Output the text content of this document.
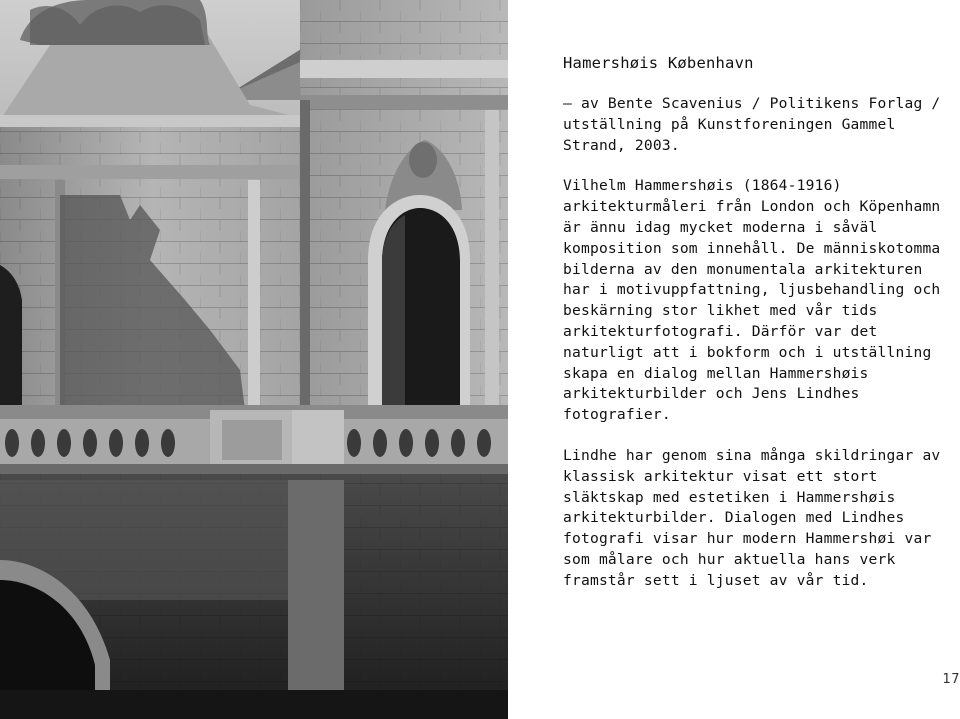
Hamershøis København

— av Bente Scavenius / Politikens Forlag / utställning på Kunstforeningen Gammel Strand, 2003.

Vilhelm Hammershøis (1864-1916) arkitekturmåleri från London och Köpenhamn är ännu idag mycket moderna i såväl komposition som innehåll. De människotomma bilderna av den monumentala arkitekturen har i motivuppfattning, ljusbehandling och beskärning stor likhet med vår tids arkitekturfotografi. Därför var det naturligt att i bokform och i utställning skapa en dialog mellan Hammershøis arkitekturbilder och Jens Lindhes fotografier.

Lindhe har genom sina många skildringar av klassisk arkitektur visat ett stort släktskap med estetiken i Hammershøis arkitekturbilder. Dialogen med Lindhes fotografi visar hur modern Hammershøi var som målare och hur aktuella hans verk framstår sett i ljuset av vår tid.

17
